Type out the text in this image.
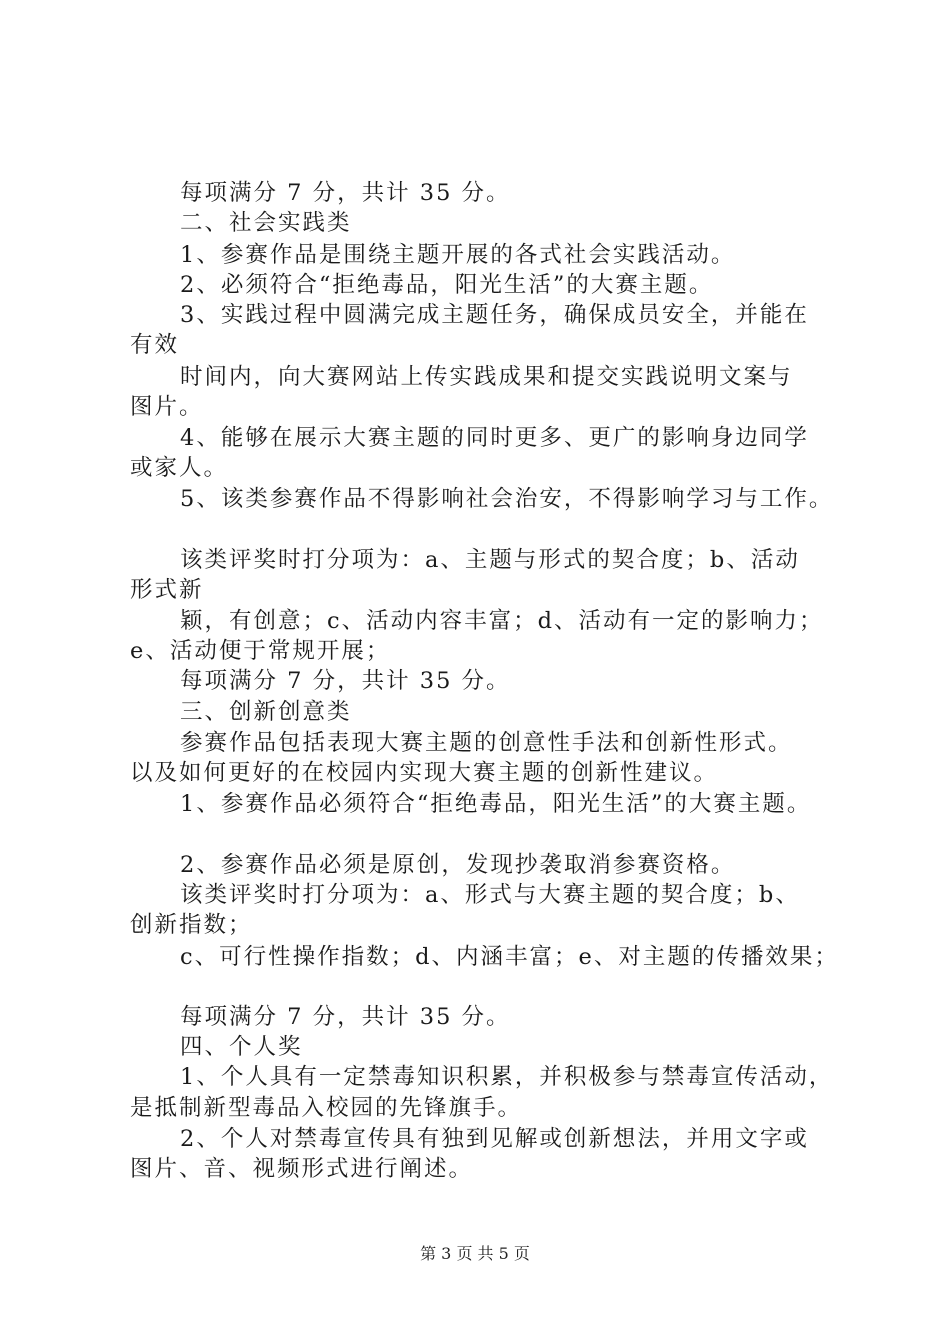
每项满分 7 分，共计 35 分。
二、社会实践类
1、参赛作品是围绕主题开展的各式社会实践活动。
2、必须符合“拒绝毒品，阳光生活”的大赛主题。
3、实践过程中圆满完成主题任务，确保成员安全，并能在
有效
时间内，向大赛网站上传实践成果和提交实践说明文案与
图片。
4、能够在展示大赛主题的同时更多、更广的影响身边同学
或家人。
5、该类参赛作品不得影响社会治安，不得影响学习与工作。
该类评奖时打分项为：a、主题与形式的契合度；b、活动
形式新
颖，有创意；c、活动内容丰富；d、活动有一定的影响力；
e、活动便于常规开展；
每项满分 7 分，共计 35 分。
三、创新创意类
参赛作品包括表现大赛主题的创意性手法和创新性形式。
以及如何更好的在校园内实现大赛主题的创新性建议。
1、参赛作品必须符合“拒绝毒品，阳光生活”的大赛主题。
2、参赛作品必须是原创，发现抄袭取消参赛资格。
该类评奖时打分项为：a、形式与大赛主题的契合度；b、
创新指数；
c、可行性操作指数；d、内涵丰富；e、对主题的传播效果；
每项满分 7 分，共计 35 分。
四、个人奖
1、个人具有一定禁毒知识积累，并积极参与禁毒宣传活动，
是抵制新型毒品入校园的先锋旗手。
2、个人对禁毒宣传具有独到见解或创新想法，并用文字或
图片、音、视频形式进行阐述。
第 3 页 共 5 页
